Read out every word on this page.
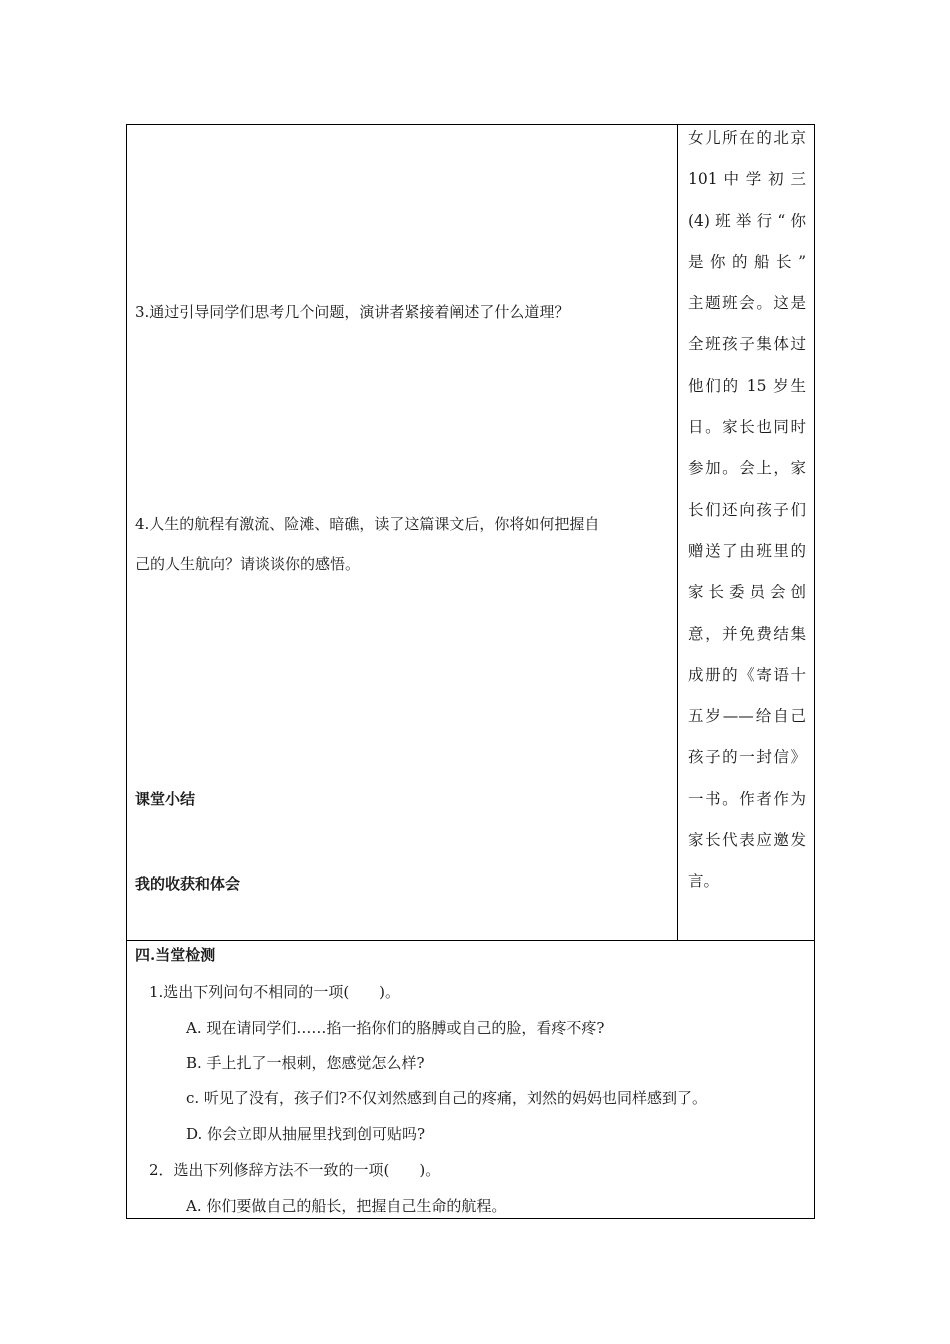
3.通过引导同学们思考几个问题，演讲者紧接着阐述了什么道理？
4.人生的航程有激流、险滩、暗礁，读了这篇课文后，你将如何把握自
己的人生航向？请谈谈你的感悟。
课堂小结
我的收获和体会
女儿所在的北京
101 中 学 初 三
(4)班举行“你
是你的船长”
主题班会。这是
全班孩子集体过
他们的 15 岁生
日。家长也同时
参加。会上，家
长们还向孩子们
赠送了由班里的
家 长 委 员 会 创
意，并免费结集
成册的《寄语十
五岁——给自己
孩子的一封信》
一书。作者作为
家长代表应邀发
言。
四.当堂检测
1.选出下列问句不相同的一项(　　)。
A. 现在请同学们……掐一掐你们的胳膊或自己的脸，看疼不疼?
B. 手上扎了一根刺，您感觉怎么样?
c. 听见了没有，孩子们?不仅刘然感到自己的疼痛，刘然的妈妈也同样感到了。
D. 你会立即从抽屉里找到创可贴吗?
2．选出下列修辞方法不一致的一项(　　)。
A. 你们要做自己的船长，把握自己生命的航程。
